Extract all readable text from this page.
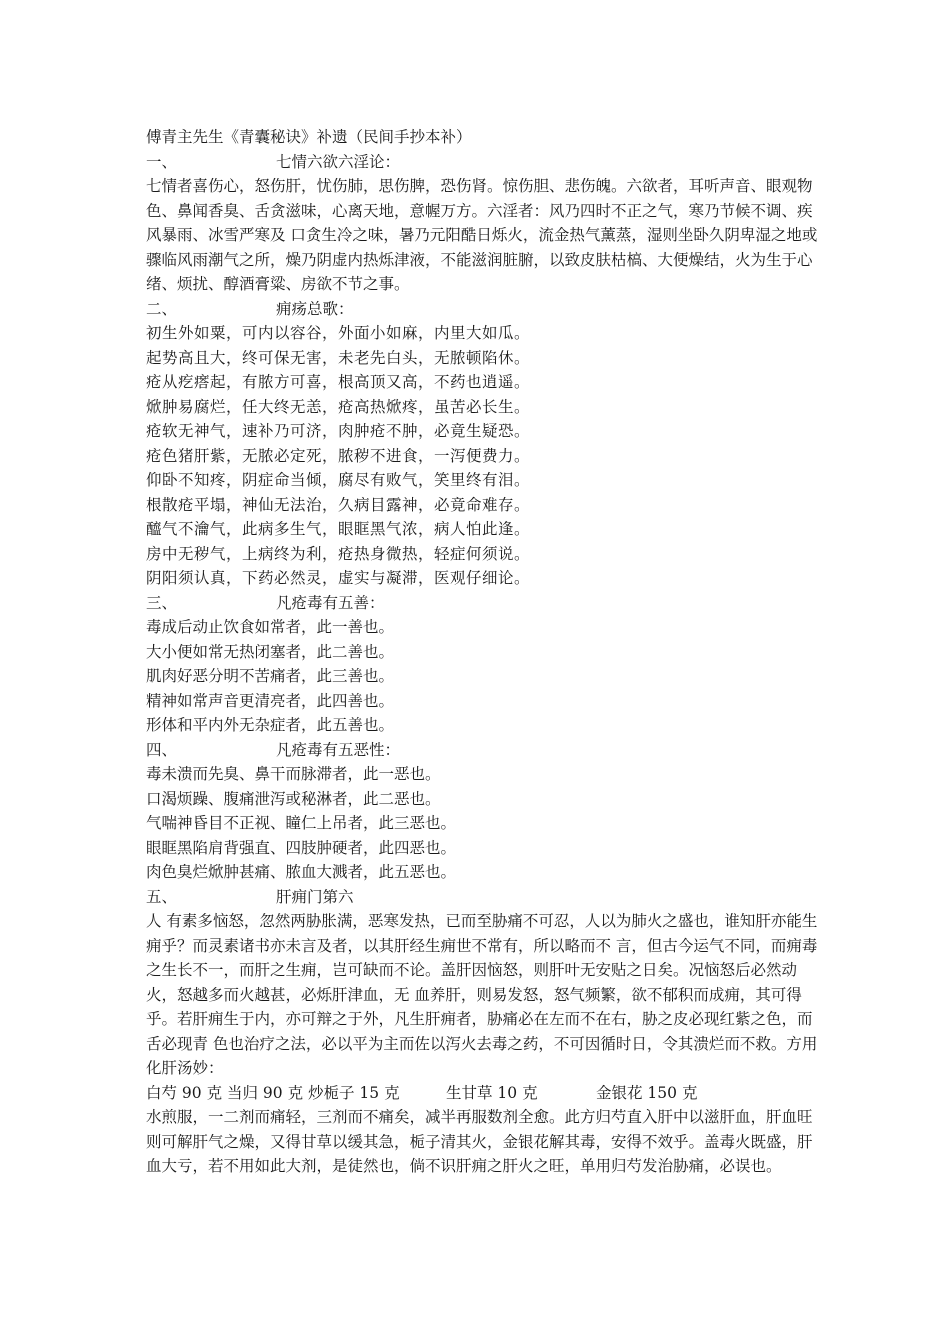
傅青主先生《青囊秘诀》补遗（民间手抄本补）
一、	七情六欲六淫论：
七情者喜伤心，怒伤肝，忧伤肺，思伤脾，恐伤肾。惊伤胆、悲伤魄。六欲者，耳听声音、眼观物色、鼻闻香臭、舌贪滋味，心离天地，意幄万方。六淫者：风乃四时不正之气，寒乃节候不调、疾风暴雨、冰雪严寒及 口贪生冷之味，暑乃元阳酷日烁火，流金热气薰蒸，湿则坐卧久阴卑湿之地或骤临风雨潮气之所，燥乃阴虚内热烁津液，不能滋润脏腑，以致皮肤枯槁、大便燥结，火为生于心绪、烦扰、醇酒膏粱、房欲不节之事。
二、	痈疡总歌：
初生外如粟，可内以容谷，外面小如麻，内里大如瓜。
起势高且大，终可保无害，未老先白头，无脓顿陷休。
疮从疙瘩起，有脓方可喜，根高顶又高，不药也逍遥。
焮肿易腐烂，任大终无恙，疮高热焮疼，虽苦必长生。
疮软无神气，速补乃可济，肉肿疮不肿，必竟生疑恐。
疮色猪肝紫，无脓必定死，脓秽不进食，一泻便费力。
仰卧不知疼，阴症命当倾，腐尽有败气，笑里终有泪。
根散疮平塌，神仙无法治，久病目露神，必竟命难存。
醯气不瀹气，此病多生气，眼眶黑气浓，病人怕此逢。
房中无秽气，上病终为利，疮热身微热，轻症何须说。
阴阳须认真，下药必然灵，虚实与凝滞，医观仔细论。
三、	凡疮毒有五善：
毒成后动止饮食如常者，此一善也。
大小便如常无热闭塞者，此二善也。
肌肉好恶分明不苦痛者，此三善也。
精神如常声音更清亮者，此四善也。
形体和平内外无杂症者，此五善也。
四、	凡疮毒有五恶性：
毒未溃而先臭、鼻干而脉滞者，此一恶也。
口渴烦躁、腹痛泄泻或秘淋者，此二恶也。
气喘神昏目不正视、瞳仁上吊者，此三恶也。
眼眶黑陷肩背强直、四肢肿硬者，此四恶也。
肉色臭烂焮肿甚痛、脓血大溅者，此五恶也。
五、	肝痈门第六
人 有素多恼怒，忽然两胁胀满，恶寒发热，已而至胁痛不可忍，人以为肺火之盛也，谁知肝亦能生痈乎？而灵素诸书亦未言及者，以其肝经生痈世不常有，所以略而不 言，但古今运气不同，而痈毒之生长不一，而肝之生痈，岂可缺而不论。盖肝因恼怒，则肝叶无安贴之日矣。况恼怒后必然动火，怒越多而火越甚，必烁肝津血，无 血养肝，则易发怒，怒气频繁，欲不郁积而成痈，其可得乎。若肝痈生于内，亦可辩之于外，凡生肝痈者，胁痛必在左而不在右，胁之皮必现红紫之色，而舌必现青 色也治疗之法，必以平为主而佐以泻火去毒之药，不可因循时日，令其溃烂而不救。方用化肝汤妙：
白芍 90 克 当归 90 克 炒栀子 15 克	生甘草 10 克	金银花 150 克
水煎服，一二剂而痛轻，三剂而不痛矣，减半再服数剂全愈。此方归芍直入肝中以滋肝血，肝血旺则可解肝气之燥，又得甘草以缓其急，栀子清其火，金银花解其毒，安得不效乎。盖毒火既盛，肝血大亏，若不用如此大剂，是徒然也，倘不识肝痈之肝火之旺，单用归芍发治胁痛，必误也。
